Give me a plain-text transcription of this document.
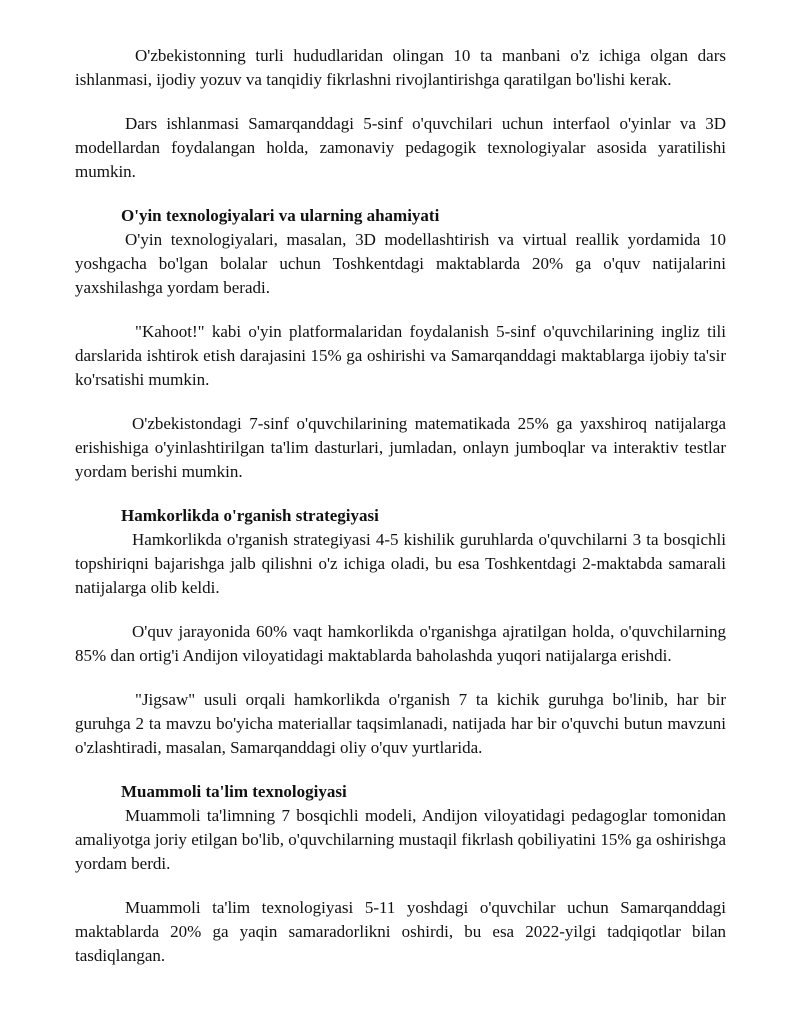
O'zbekistonning turli hududlaridan olingan 10 ta manbani o'z ichiga olgan dars ishlanmasi, ijodiy yozuv va tanqidiy fikrlashni rivojlantirishga qaratilgan bo'lishi kerak.

Dars ishlanmasi Samarqanddagi 5-sinf o'quvchilari uchun interfaol o'yinlar va 3D modellardan foydalangan holda, zamonaviy pedagogik texnologiyalar asosida yaratilishi mumkin.

O'yin texnologiyalari va ularning ahamiyati

O'yin texnologiyalari, masalan, 3D modellashtirish va virtual reallik yordamida 10 yoshgacha bo'lgan bolalar uchun Toshkentdagi maktablarda 20% ga o'quv natijalarini yaxshilashga yordam beradi.

"Kahoot!" kabi o'yin platformalaridan foydalanish 5-sinf o'quvchilarining ingliz tili darslarida ishtirok etish darajasini 15% ga oshirishi va Samarqanddagi maktablarga ijobiy ta'sir ko'rsatishi mumkin.

O'zbekistondagi 7-sinf o'quvchilarining matematikada 25% ga yaxshiroq natijalarga erishishiga o'yinlashtirilgan ta'lim dasturlari, jumladan, onlayn jumboqlar va interaktiv testlar yordam berishi mumkin.

Hamkorlikda o'rganish strategiyasi

Hamkorlikda o'rganish strategiyasi 4-5 kishilik guruhlarda o'quvchilarni 3 ta bosqichli topshiriqni bajarishga jalb qilishni o'z ichiga oladi, bu esa Toshkentdagi 2-maktabda samarali natijalarga olib keldi.

O'quv jarayonida 60% vaqt hamkorlikda o'rganishga ajratilgan holda, o'quvchilarning 85% dan ortig'i Andijon viloyatidagi maktablarda baholashda yuqori natijalarga erishdi.

"Jigsaw" usuli orqali hamkorlikda o'rganish 7 ta kichik guruhga bo'linib, har bir guruhga 2 ta mavzu bo'yicha materiallar taqsimlanadi, natijada har bir o'quvchi butun mavzuni o'zlashtiradi, masalan, Samarqanddagi oliy o'quv yurtlarida.

Muammoli ta'lim texnologiyasi

Muammoli ta'limning 7 bosqichli modeli, Andijon viloyatidagi pedagoglar tomonidan amaliyotga joriy etilgan bo'lib, o'quvchilarning mustaqil fikrlash qobiliyatini 15% ga oshirishga yordam berdi.

Muammoli ta'lim texnologiyasi 5-11 yoshdagi o'quvchilar uchun Samarqanddagi maktablarda 20% ga yaqin samaradorlikni oshirdi, bu esa 2022-yilgi tadqiqotlar bilan tasdiqlangan.
